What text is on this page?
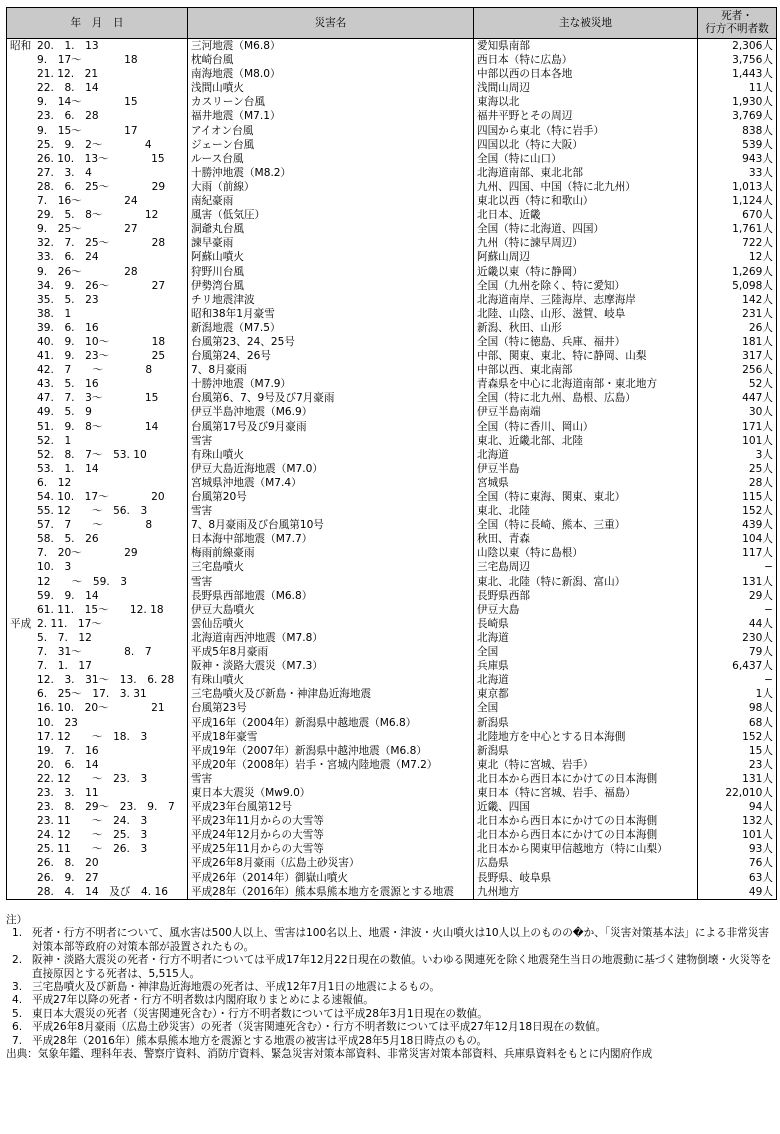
年　月　日	災害名	主な被災地	死者・
行方不明者数
昭和 20.　1.　13	三河地震（M6.8）	愛知県南部	2,306人
9.　17〜　　　　18	枕崎台風	西日本（特に広島）	3,756人
21. 12.　21	南海地震（M8.0）	中部以西の日本各地	1,443人
22.　8.　14	浅間山噴火	浅間山周辺	11人
9.　14〜　　　　15	カスリーン台風	東海以北	1,930人
23.　6.　28	福井地震（M7.1）	福井平野とその周辺	3,769人
9.　15〜　　　　17	アイオン台風	四国から東北（特に岩手）	838人
25.　9.　2〜　　　　4	ジェーン台風	四国以北（特に大阪）	539人
26. 10.　13〜　　　　15	ルース台風	全国（特に山口）	943人
27.　3.　4	十勝沖地震（M8.2）	北海道南部、東北北部	33人
28.　6.　25〜　　　　29	大雨（前線）	九州、四国、中国（特に北九州）	1,013人
7.　16〜　　　　24	南紀豪雨	東北以西（特に和歌山）	1,124人
29.　5.　8〜　　　　12	風害（低気圧）	北日本、近畿	670人
9.　25〜　　　　27	洞爺丸台風	全国（特に北海道、四国）	1,761人
32.　7.　25〜　　　　28	諫早豪雨	九州（特に諫早周辺）	722人
33.　6.　24	阿蘇山噴火	阿蘇山周辺	12人
9.　26〜　　　　28	狩野川台風	近畿以東（特に静岡）	1,269人
34.　9.　26〜　　　　27	伊勢湾台風	全国（九州を除く、特に愛知）	5,098人
35.　5.　23	チリ地震津波	北海道南岸、三陸海岸、志摩海岸	142人
38.　1	昭和38年1月豪雪	北陸、山陰、山形、滋賀、岐阜	231人
39.　6.　16	新潟地震（M7.5）	新潟、秋田、山形	26人
40.　9.　10〜　　　　18	台風第23、24、25号	全国（特に徳島、兵庫、福井）	181人
41.　9.　23〜　　　　25	台風第24、26号	中部、関東、東北、特に静岡、山梨	317人
42.　7　　〜　　　　8	7、8月豪雨	中部以西、東北南部	256人
43.　5.　16	十勝沖地震（M7.9）	青森県を中心に北海道南部・東北地方	52人
47.　7.　3〜　　　　15	台風第6、7、9号及び7月豪雨	全国（特に北九州、島根、広島）	447人
49.　5.　9	伊豆半島沖地震（M6.9）	伊豆半島南端	30人
51.　9.　8〜　　　　14	台風第17号及び9月豪雨	全国（特に香川、岡山）	171人
52.　1	雪害	東北、近畿北部、北陸	101人
52.　8.　7〜　53. 10	有珠山噴火	北海道	3人
53.　1.　14	伊豆大島近海地震（M7.0）	伊豆半島	25人
6.　12	宮城県沖地震（M7.4）	宮城県	28人
54. 10.　17〜　　　　20	台風第20号	全国（特に東海、関東、東北）	115人
55. 12　　〜　56.　3	雪害	東北、北陸	152人
57.　7　　〜　　　　8	7、8月豪雨及び台風第10号	全国（特に長崎、熊本、三重）	439人
58.　5.　26	日本海中部地震（M7.7）	秋田、青森	104人
7.　20〜　　　　29	梅雨前線豪雨	山陰以東（特に島根）	117人
10.　3	三宅島噴火	三宅島周辺	−
12　　〜　59.　3	雪害	東北、北陸（特に新潟、富山）	131人
59.　9.　14	長野県西部地震（M6.8）	長野県西部	29人
61. 11.　15〜　　12. 18	伊豆大島噴火	伊豆大島	−
平成 2. 11.　17〜	雲仙岳噴火	長崎県	44人
5.　7.　12	北海道南西沖地震（M7.8）	北海道	230人
7.　31〜　　　　8.　7	平成5年8月豪雨	全国	79人
7.　1.　17	阪神・淡路大震災（M7.3）	兵庫県	6,437人
12.　3.　31〜　13.　6. 28	有珠山噴火	北海道	−
6.　25〜　17.　3. 31	三宅島噴火及び新島・神津島近海地震	東京都	1人
16. 10.　20〜　　　　21	台風第23号	全国	98人
10.　23	平成16年（2004年）新潟県中越地震（M6.8）	新潟県	68人
17. 12　　〜　18.　3	平成18年豪雪	北陸地方を中心とする日本海側	152人
19.　7.　16	平成19年（2007年）新潟県中越沖地震（M6.8）	新潟県	15人
20.　6.　14	平成20年（2008年）岩手・宮城内陸地震（M7.2）	東北（特に宮城、岩手）	23人
22. 12　　〜　23.　3	雪害	北日本から西日本にかけての日本海側	131人
23.　3.　11	東日本大震災（Mw9.0）	東日本（特に宮城、岩手、福島）	22,010人
23.　8.　29〜　23.　9.　7	平成23年台風第12号	近畿、四国	94人
23. 11　　〜　24.　3	平成23年11月からの大雪等	北日本から西日本にかけての日本海側	132人
24. 12　　〜　25.　3	平成24年12月からの大雪等	北日本から西日本にかけての日本海側	101人
25. 11　　〜　26.　3	平成25年11月からの大雪等	北日本から関東甲信越地方（特に山梨）	93人
26.　8.　20	平成26年8月豪雨（広島土砂災害）	広島県	76人
26.　9.　27	平成26年（2014年）御嶽山噴火	長野県、岐阜県	63人
28.　4.　14　及び　4. 16	平成28年（2016年）熊本県熊本地方を震源とする地震	九州地方	49人

注）

1. 死者・行方不明者について、風水害は500人以上、雪害は100名以上、地震・津波・火山噴火は10人以上のものの�か、「災害対策基本法」による非常災害対策本部等政府の対策本部が設置されたもの。
2. 阪神・淡路大震災の死者・行方不明者については平成17年12月22日現在の数値。いわゆる関連死を除く地震発生当日の地震動に基づく建物倒壊・火災等を直接原因とする死者は、5,515人。
3. 三宅島噴火及び新島・神津島近海地震の死者は、平成12年7月1日の地震によるもの。
4. 平成27年以降の死者・行方不明者数は内閣府取りまとめによる速報値。
5. 東日本大震災の死者（災害関連死含む）・行方不明者数については平成28年3月1日現在の数値。
6. 平成26年8月豪雨（広島土砂災害）の死者（災害関連死含む）・行方不明者数については平成27年12月18日現在の数値。
7. 平成28年（2016年）熊本県熊本地方を震源とする地震の被害は平成28年5月18日時点のもの。

出典：気象年鑑、理科年表、警察庁資料、消防庁資料、緊急災害対策本部資料、非常災害対策本部資料、兵庫県資料をもとに内閣府作成
